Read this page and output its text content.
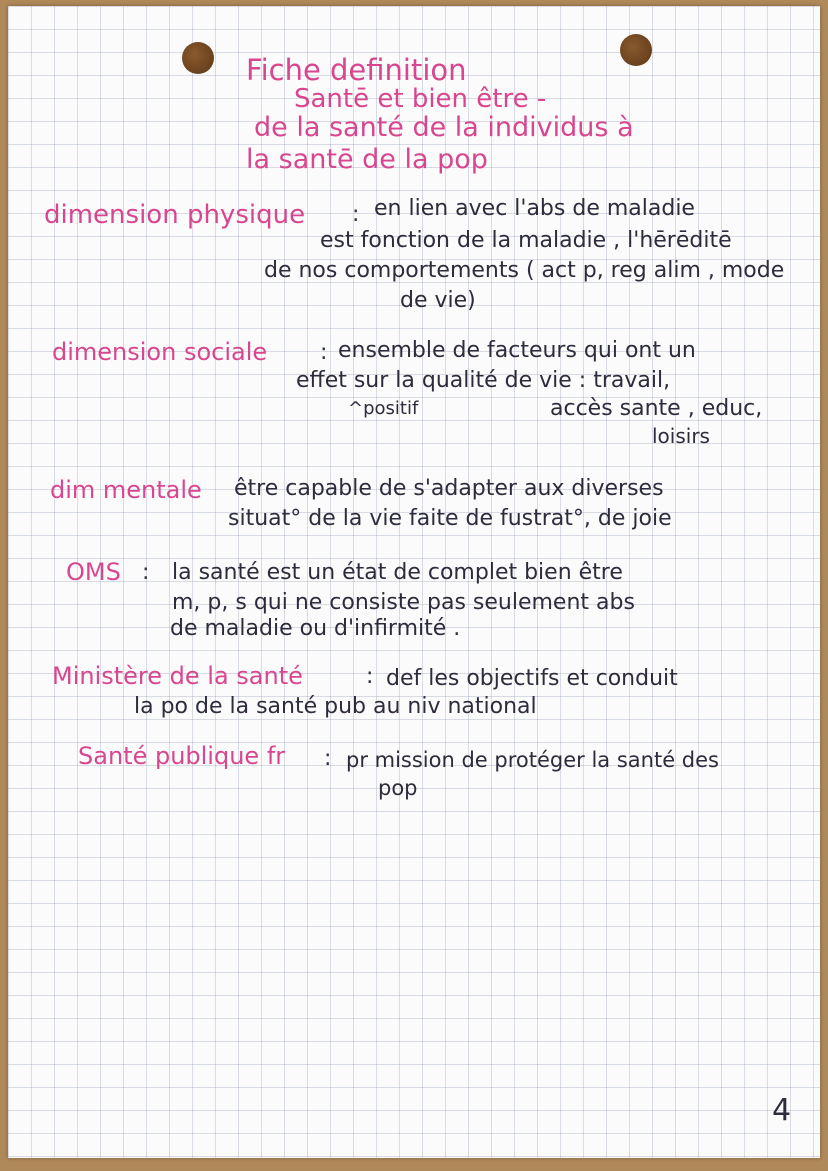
Fiche definition
Santē et bien être -
de la santé de la individus à
la santē de la pop
dimension physique : en lien avec l'abs de maladie
est fonction de la maladie , l'hērēditē
de nos comportements ( act p, reg alim , mode
de vie)
dimension sociale : ensemble de facteurs qui ont un
effet sur la qualité de vie : travail,
^positif	accès sante , educ,
loisirs
dim mentale être capable de s'adapter aux diverses
situat° de la vie faite de fustrat°, de joie
OMS : la santé est un état de complet bien être
m, p, s qui ne consiste pas seulement abs
de maladie ou d'infirmité .
Ministère de la santé	: def les objectifs et conduit
la po de la santé pub au niv national
Santé publique fr : pr mission de protéger la santé des
pop
4
